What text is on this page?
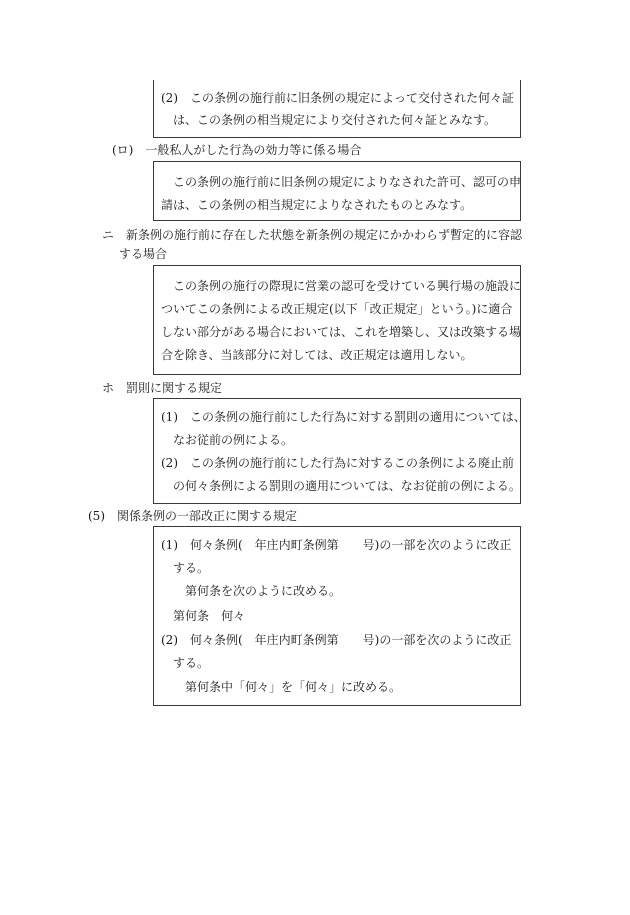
(2)　この条例の施行前に旧条例の規定によって交付された何々証
は、この条例の相当規定により交付された何々証とみなす。
(ロ)　一般私人がした行為の効力等に係る場合
この条例の施行前に旧条例の規定によりなされた許可、認可の申
請は、この条例の相当規定によりなされたものとみなす。
ニ　新条例の施行前に存在した状態を新条例の規定にかかわらず暫定的に容認
する場合
この条例の施行の際現に営業の認可を受けている興行場の施設に
ついてこの条例による改正規定(以下「改正規定」という。)に適合
しない部分がある場合においては、これを増築し、又は改築する場
合を除き、当該部分に対しては、改正規定は適用しない。
ホ　罰則に関する規定
(1)　この条例の施行前にした行為に対する罰則の適用については、
なお従前の例による。
(2)　この条例の施行前にした行為に対するこの条例による廃止前
の何々条例による罰則の適用については、なお従前の例による。
(5)　関係条例の一部改正に関する規定
(1)　何々条例(　年庄内町条例第　　号)の一部を次のように改正
する。
第何条を次のように改める。
第何条　何々
(2)　何々条例(　年庄内町条例第　　号)の一部を次のように改正
する。
第何条中「何々」を「何々」に改める。
